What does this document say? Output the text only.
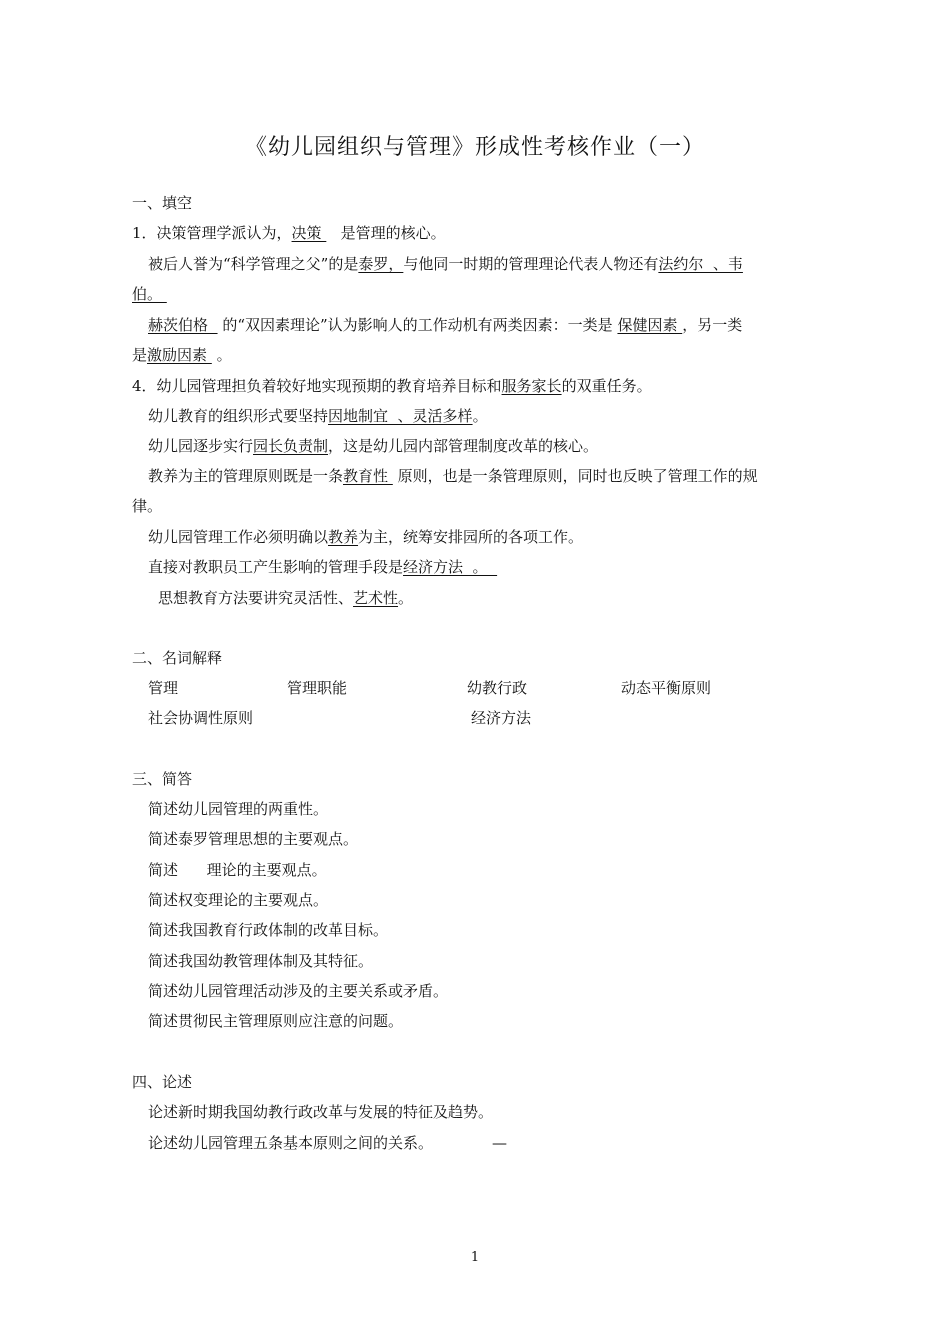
《幼儿园组织与管理》形成性考核作业（一）
一、填空
1．决策管理学派认为，决策    是管理的核心。
被后人誉为“科学管理之父”的是泰罗，与他同一时期的管理理论代表人物还有法约尔  、韦
伯。
赫茨伯格   的“双因素理论”认为影响人的工作动机有两类因素：一类是 保健因素 ，另一类
是激励因素  。
4．幼儿园管理担负着较好地实现预期的教育培养目标和服务家长的双重任务。
幼儿教育的组织形式要坚持因地制宜  、灵活多样。
幼儿园逐步实行园长负责制，这是幼儿园内部管理制度改革的核心。
教养为主的管理原则既是一条教育性  原则，也是一条管理原则，同时也反映了管理工作的规
律。
幼儿园管理工作必须明确以教养为主，统筹安排园所的各项工作。
直接对教职员工产生影响的管理手段是经济方法  。
思想教育方法要讲究灵活性、艺术性。
二、名词解释
管理	管理职能	幼教行政	动态平衡原则
社会协调性原则	经济方法
三、简答
简述幼儿园管理的两重性。
简述泰罗管理思想的主要观点。
简述      理论的主要观点。
简述权变理论的主要观点。
简述我国教育行政体制的改革目标。
简述我国幼教管理体制及其特征。
简述幼儿园管理活动涉及的主要关系或矛盾。
简述贯彻民主管理原则应注意的问题。
四、论述
论述新时期我国幼教行政改革与发展的特征及趋势。
论述幼儿园管理五条基本原则之间的关系。	—
1
